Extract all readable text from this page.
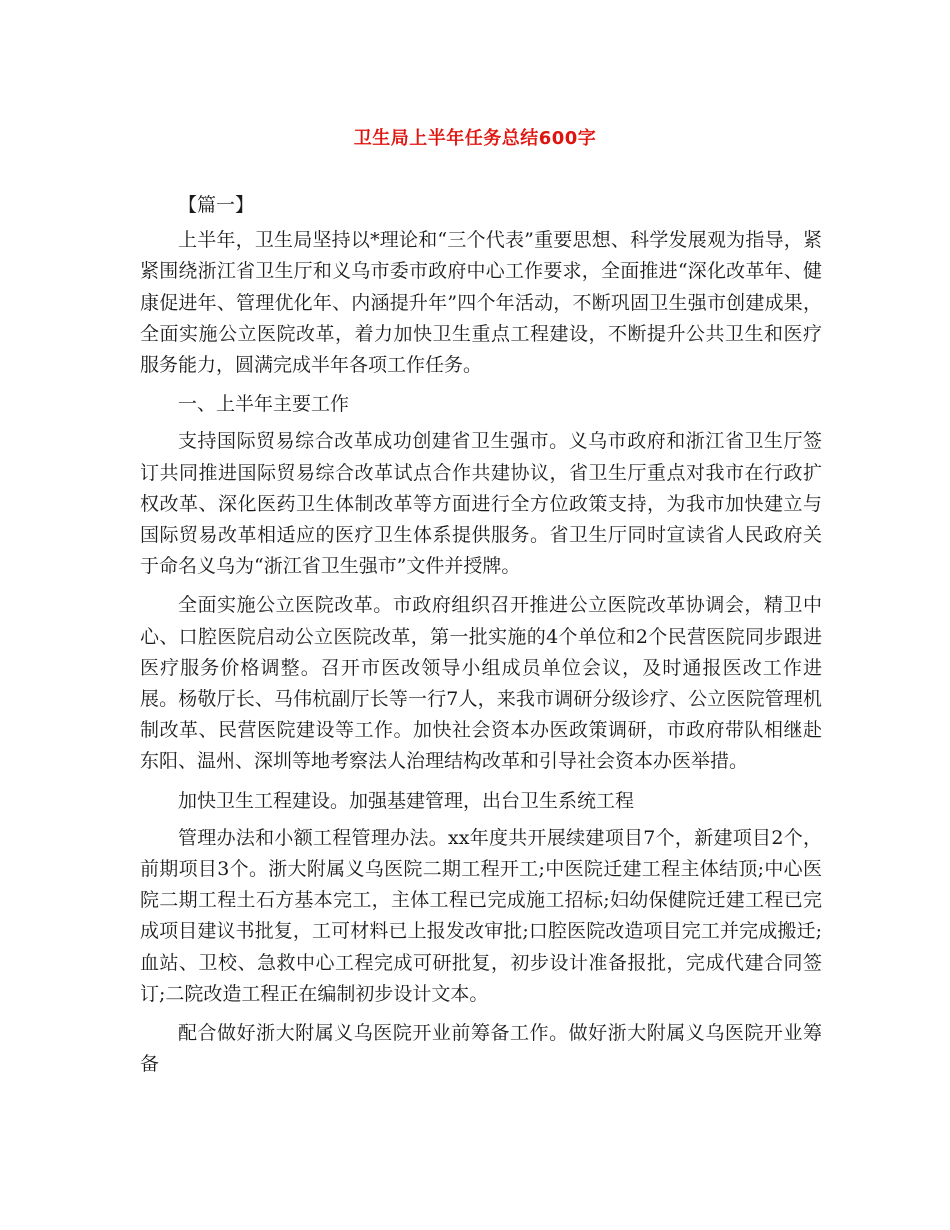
卫生局上半年任务总结600字

【篇一】

上半年，卫生局坚持以*理论和“三个代表”重要思想、科学发展观为指导，紧紧围绕浙江省卫生厅和义乌市委市政府中心工作要求，全面推进“深化改革年、健康促进年、管理优化年、内涵提升年”四个年活动，不断巩固卫生强市创建成果，全面实施公立医院改革，着力加快卫生重点工程建设，不断提升公共卫生和医疗服务能力，圆满完成半年各项工作任务。

一、上半年主要工作

支持国际贸易综合改革成功创建省卫生强市。义乌市政府和浙江省卫生厅签订共同推进国际贸易综合改革试点合作共建协议，省卫生厅重点对我市在行政扩权改革、深化医药卫生体制改革等方面进行全方位政策支持，为我市加快建立与国际贸易改革相适应的医疗卫生体系提供服务。省卫生厅同时宣读省人民政府关于命名义乌为“浙江省卫生强市”文件并授牌。

全面实施公立医院改革。市政府组织召开推进公立医院改革协调会，精卫中心、口腔医院启动公立医院改革，第一批实施的4个单位和2个民营医院同步跟进医疗服务价格调整。召开市医改领导小组成员单位会议，及时通报医改工作进展。杨敬厅长、马伟杭副厅长等一行7人，来我市调研分级诊疗、公立医院管理机制改革、民营医院建设等工作。加快社会资本办医政策调研，市政府带队相继赴东阳、温州、深圳等地考察法人治理结构改革和引导社会资本办医举措。

加快卫生工程建设。加强基建管理，出台卫生系统工程

管理办法和小额工程管理办法。xx年度共开展续建项目7个，新建项目2个，前期项目3个。浙大附属义乌医院二期工程开工;中医院迁建工程主体结顶;中心医院二期工程土石方基本完工，主体工程已完成施工招标;妇幼保健院迁建工程已完成项目建议书批复，工可材料已上报发改审批;口腔医院改造项目完工并完成搬迁;血站、卫校、急救中心工程完成可研批复，初步设计准备报批，完成代建合同签订;二院改造工程正在编制初步设计文本。

配合做好浙大附属义乌医院开业前筹备工作。做好浙大附属义乌医院开业筹备
